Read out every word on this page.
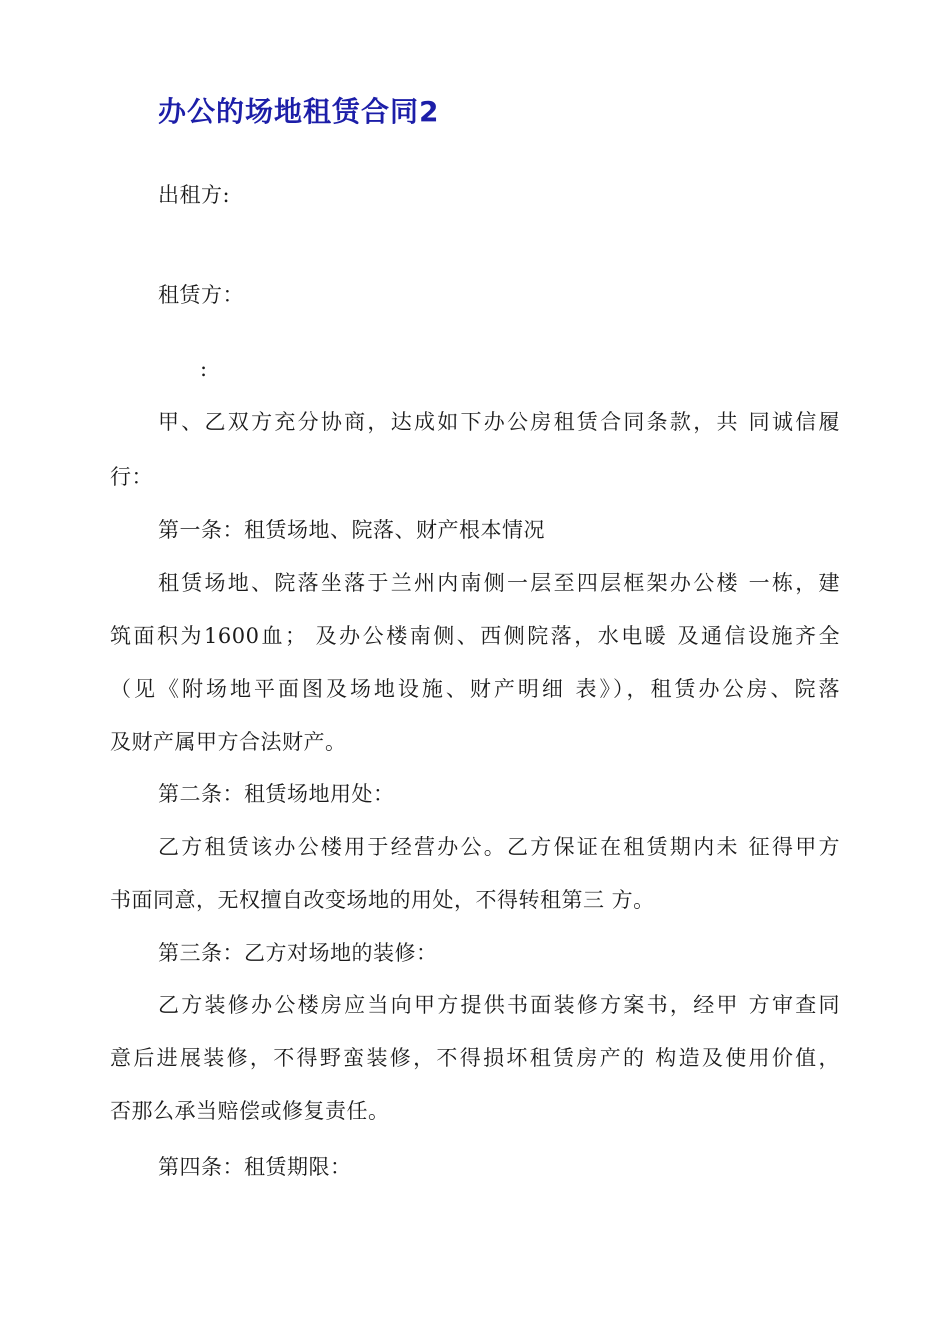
办公的场地租赁合同2
出租方:
租赁方：
:
甲、乙双方充分协商，达成如下办公房租赁合同条款，共 同诚信履
行：
第一条：租赁场地、院落、财产根本情况
租赁场地、院落坐落于兰州内南侧一层至四层框架办公楼 一栋，建
筑面积为1600血； 及办公楼南侧、西侧院落，水电暖 及通信设施齐全
（见《附场地平面图及场地设施、财产明细 表》），租赁办公房、院落
及财产属甲方合法财产。
第二条：租赁场地用处：
乙方租赁该办公楼用于经营办公。乙方保证在租赁期内未 征得甲方
书面同意，无权擅自改变场地的用处，不得转租第三 方。
第三条：乙方对场地的装修：
乙方装修办公楼房应当向甲方提供书面装修方案书，经甲 方审查同
意后进展装修，不得野蛮装修，不得损坏租赁房产的 构造及使用价值，
否那么承当赔偿或修复责任。
第四条：租赁期限：
